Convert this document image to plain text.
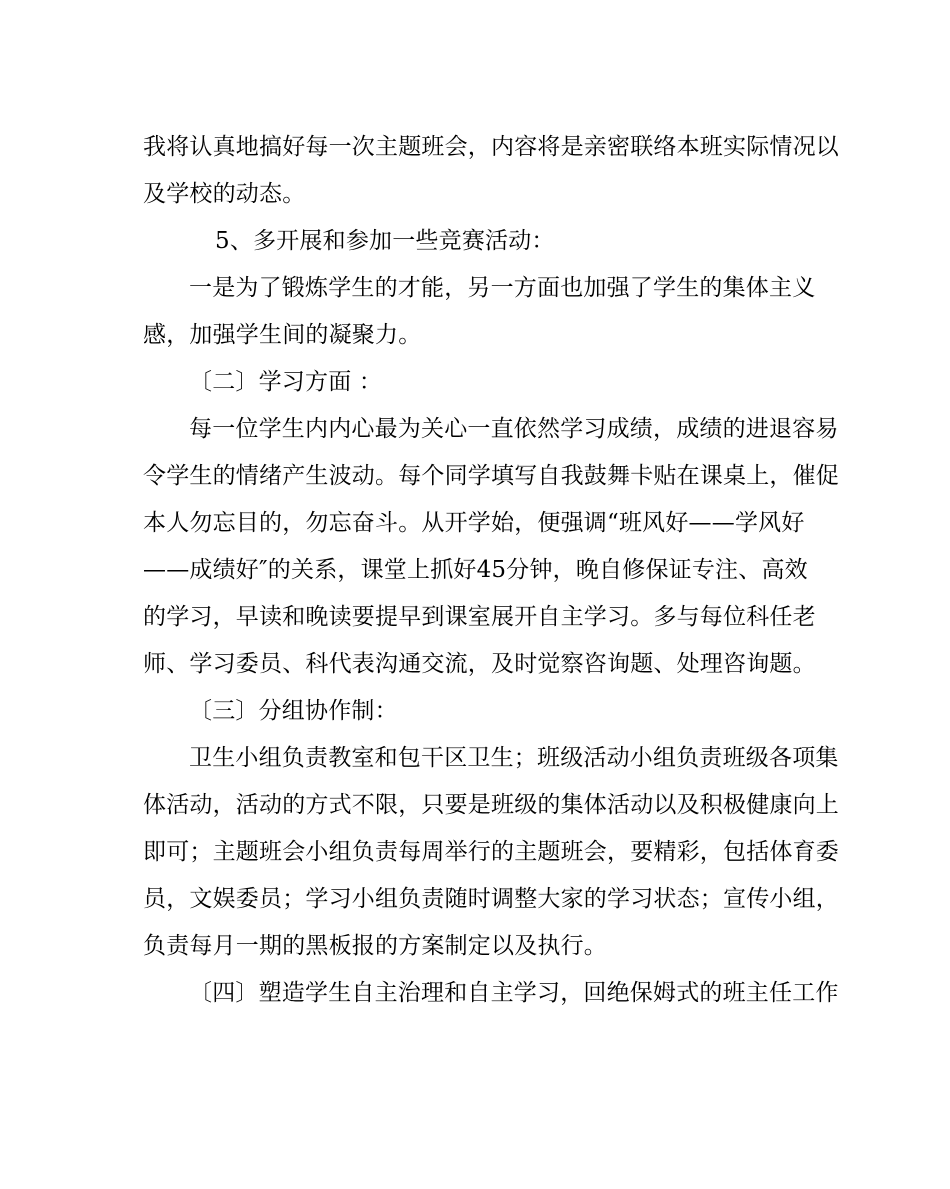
我将认真地搞好每一次主题班会，内容将是亲密联络本班实际情况以
及学校的动态。
5、多开展和参加一些竞赛活动：
一是为了锻炼学生的才能，另一方面也加强了学生的集体主义
感，加强学生间的凝聚力。
〔二〕学习方面 ：
每一位学生内内心最为关心一直依然学习成绩，成绩的进退容易
令学生的情绪产生波动。每个同学填写自我鼓舞卡贴在课桌上，催促
本人勿忘目的，勿忘奋斗。从开学始，便强调“班风好——学风好
——成绩好″的关系，课堂上抓好45分钟，晚自修保证专注、高效
的学习，早读和晚读要提早到课室展开自主学习。多与每位科任老
师、学习委员、科代表沟通交流，及时觉察咨询题、处理咨询题。
〔三〕分组协作制：
卫生小组负责教室和包干区卫生；班级活动小组负责班级各项集
体活动，活动的方式不限，只要是班级的集体活动以及积极健康向上
即可；主题班会小组负责每周举行的主题班会，要精彩，包括体育委
员，文娱委员；学习小组负责随时调整大家的学习状态；宣传小组，
负责每月一期的黑板报的方案制定以及执行。
〔四〕塑造学生自主治理和自主学习，回绝保姆式的班主任工作
